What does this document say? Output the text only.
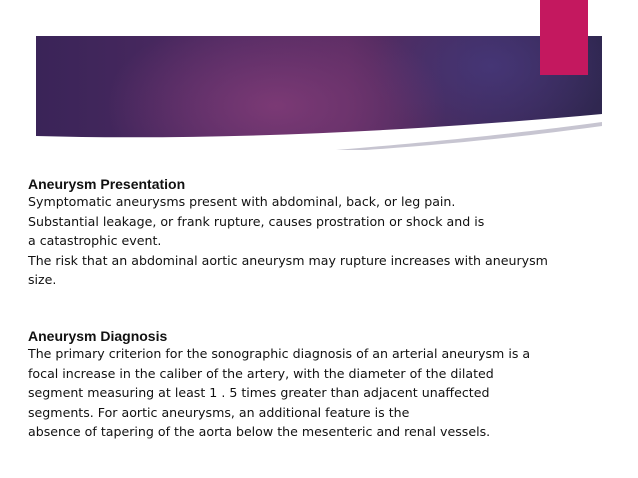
Aneurysm Presentation

Symptomatic aneurysms present with abdominal, back, or leg pain.

Substantial leakage, or frank rupture, causes prostration or shock and is

a catastrophic event.

The risk that an abdominal aortic aneurysm may rupture increases with aneurysm

size.

Aneurysm Diagnosis

The primary criterion for the sonographic diagnosis of an arterial aneurysm is a

focal increase in the caliber of the artery, with the diameter of the dilated

segment measuring at least 1 . 5 times greater than adjacent unaffected

segments. For aortic aneurysms, an additional feature is the

absence of tapering of the aorta below the mesenteric and renal vessels.
